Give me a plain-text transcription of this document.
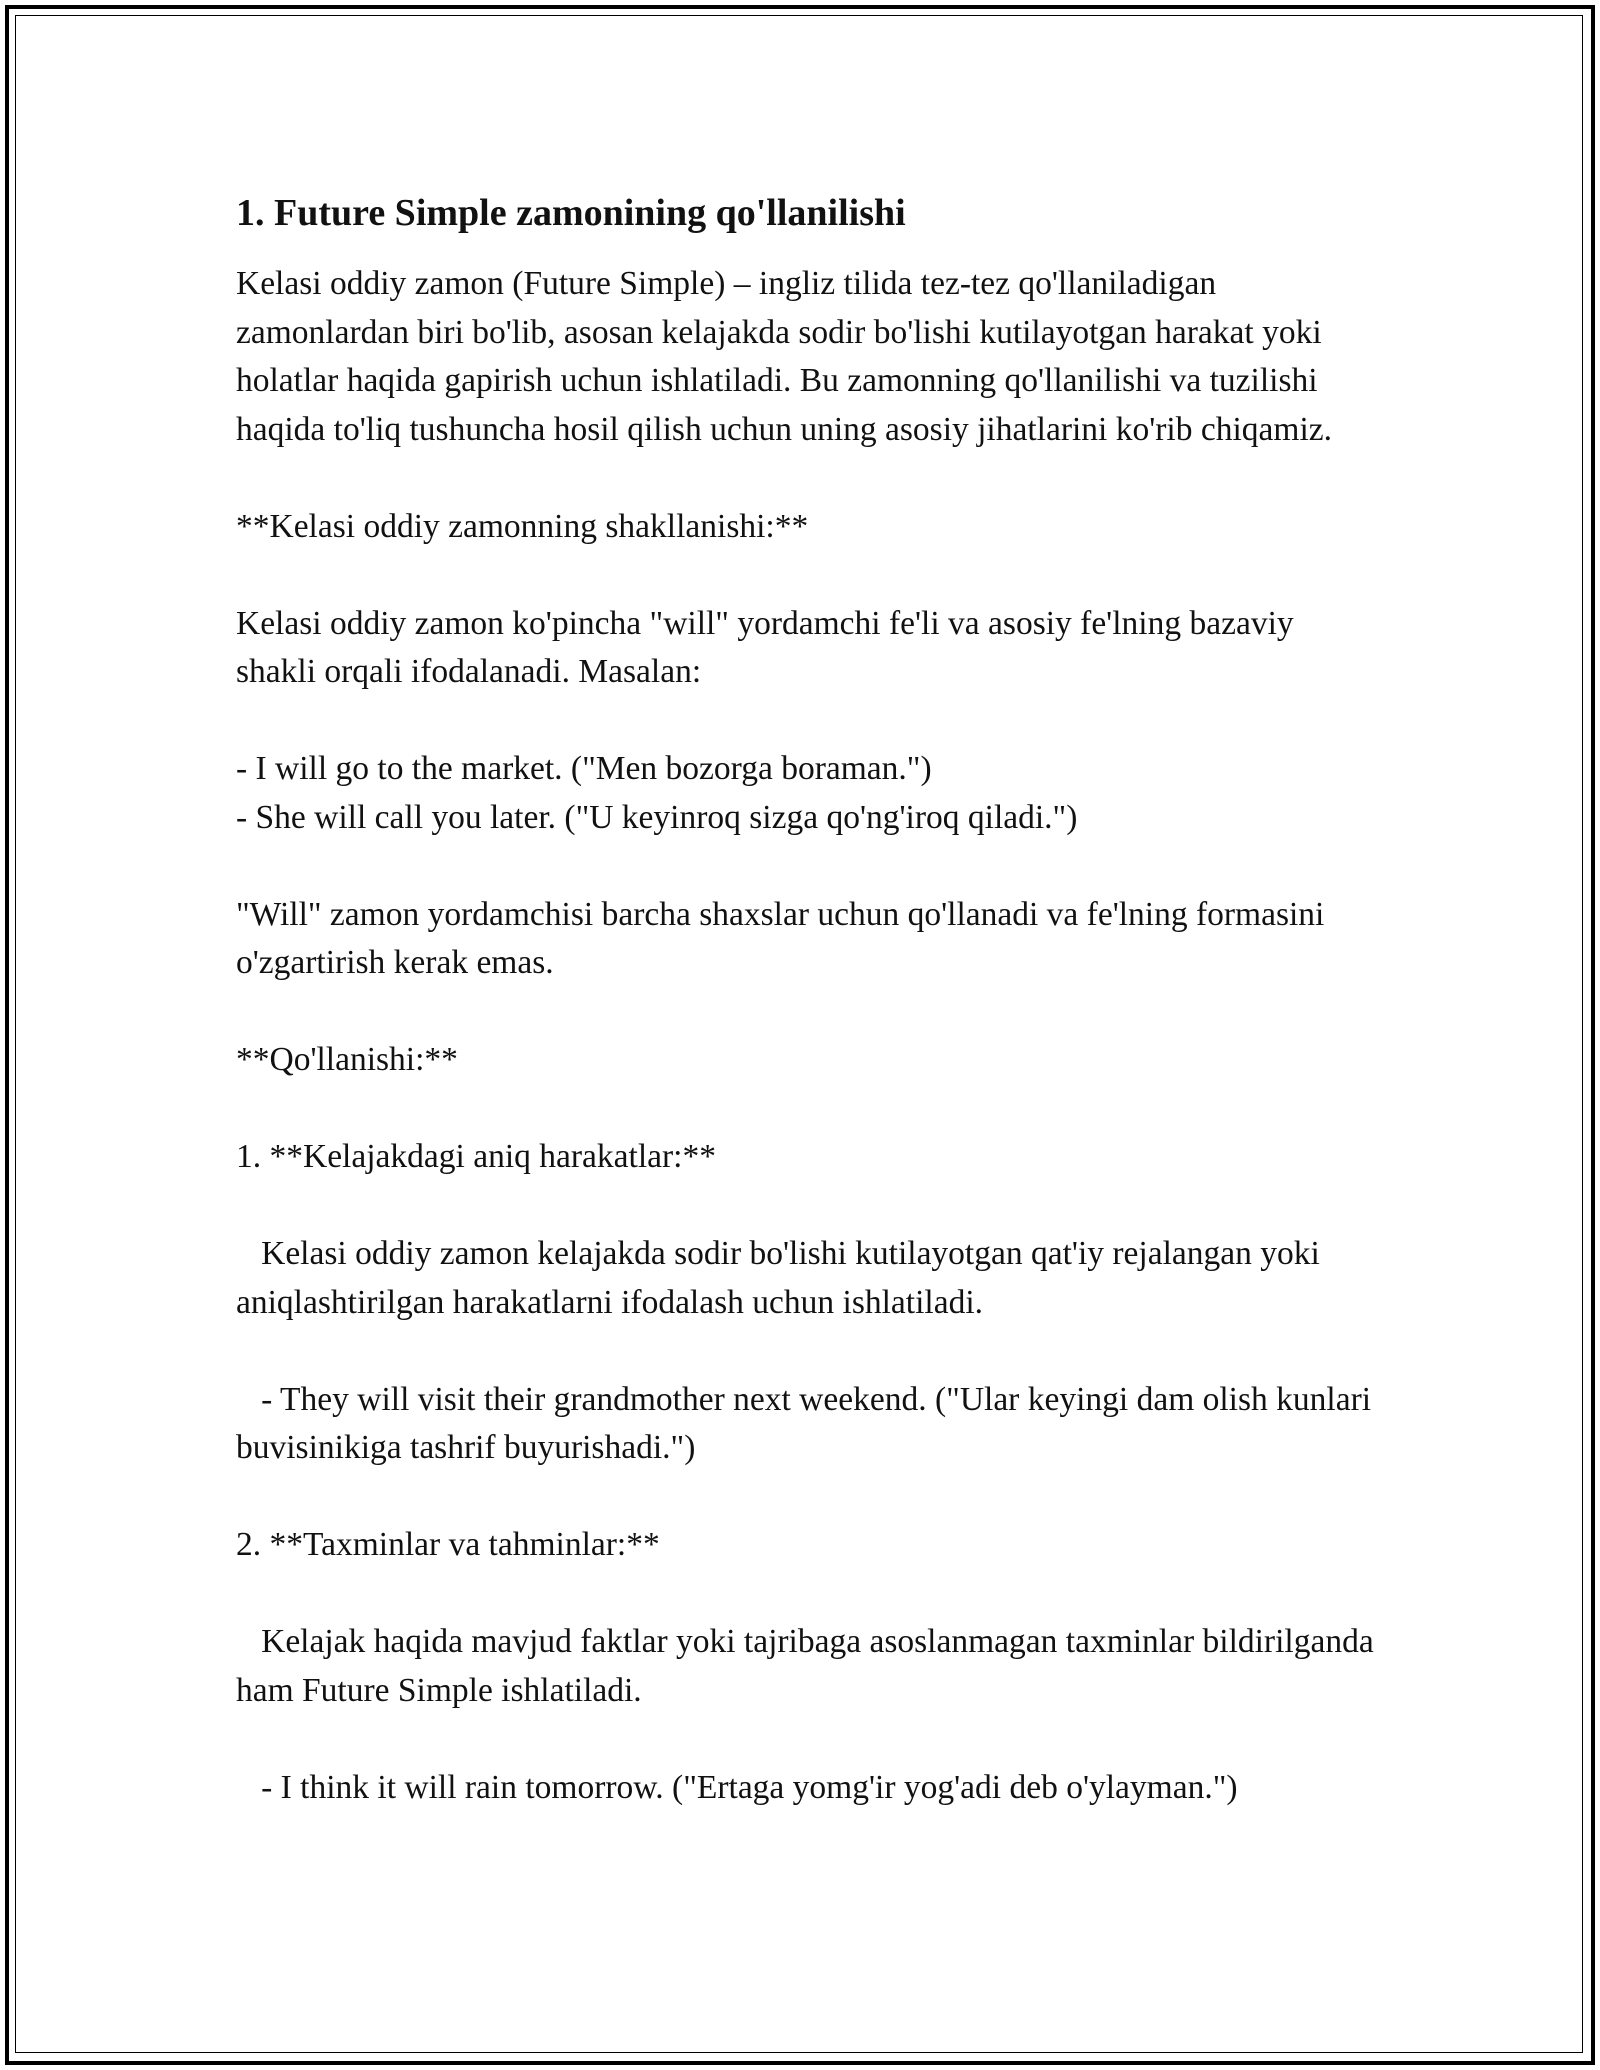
1. Future Simple zamonining qo'llanilishi
Kelasi oddiy zamon (Future Simple) – ingliz tilida tez-tez qo'llaniladigan zamonlardan biri bo'lib, asosan kelajakda sodir bo'lishi kutilayotgan harakat yoki holatlar haqida gapirish uchun ishlatiladi. Bu zamonning qo'llanilishi va tuzilishi haqida to'liq tushuncha hosil qilish uchun uning asosiy jihatlarini ko'rib chiqamiz.
**Kelasi oddiy zamonning shakllanishi:**
Kelasi oddiy zamon ko'pincha "will" yordamchi fe'li va asosiy fe'lning bazaviy shakli orqali ifodalanadi. Masalan:
- I will go to the market. ("Men bozorga boraman.")
- She will call you later. ("U keyinroq sizga qo'ng'iroq qiladi.")
"Will" zamon yordamchisi barcha shaxslar uchun qo'llanadi va fe'lning formasini o'zgartirish kerak emas.
**Qo'llanishi:**
1. **Kelajakdagi aniq harakatlar:**
Kelasi oddiy zamon kelajakda sodir bo'lishi kutilayotgan qat'iy rejalangan yoki aniqlashtirilgan harakatlarni ifodalash uchun ishlatiladi.
- They will visit their grandmother next weekend. ("Ular keyingi dam olish kunlari buvisinikiga tashrif buyurishadi.")
2. **Taxminlar va tahminlar:**
Kelajak haqida mavjud faktlar yoki tajribaga asoslanmagan taxminlar bildirilganda ham Future Simple ishlatiladi.
- I think it will rain tomorrow. ("Ertaga yomg'ir yog'adi deb o'ylayman.")
